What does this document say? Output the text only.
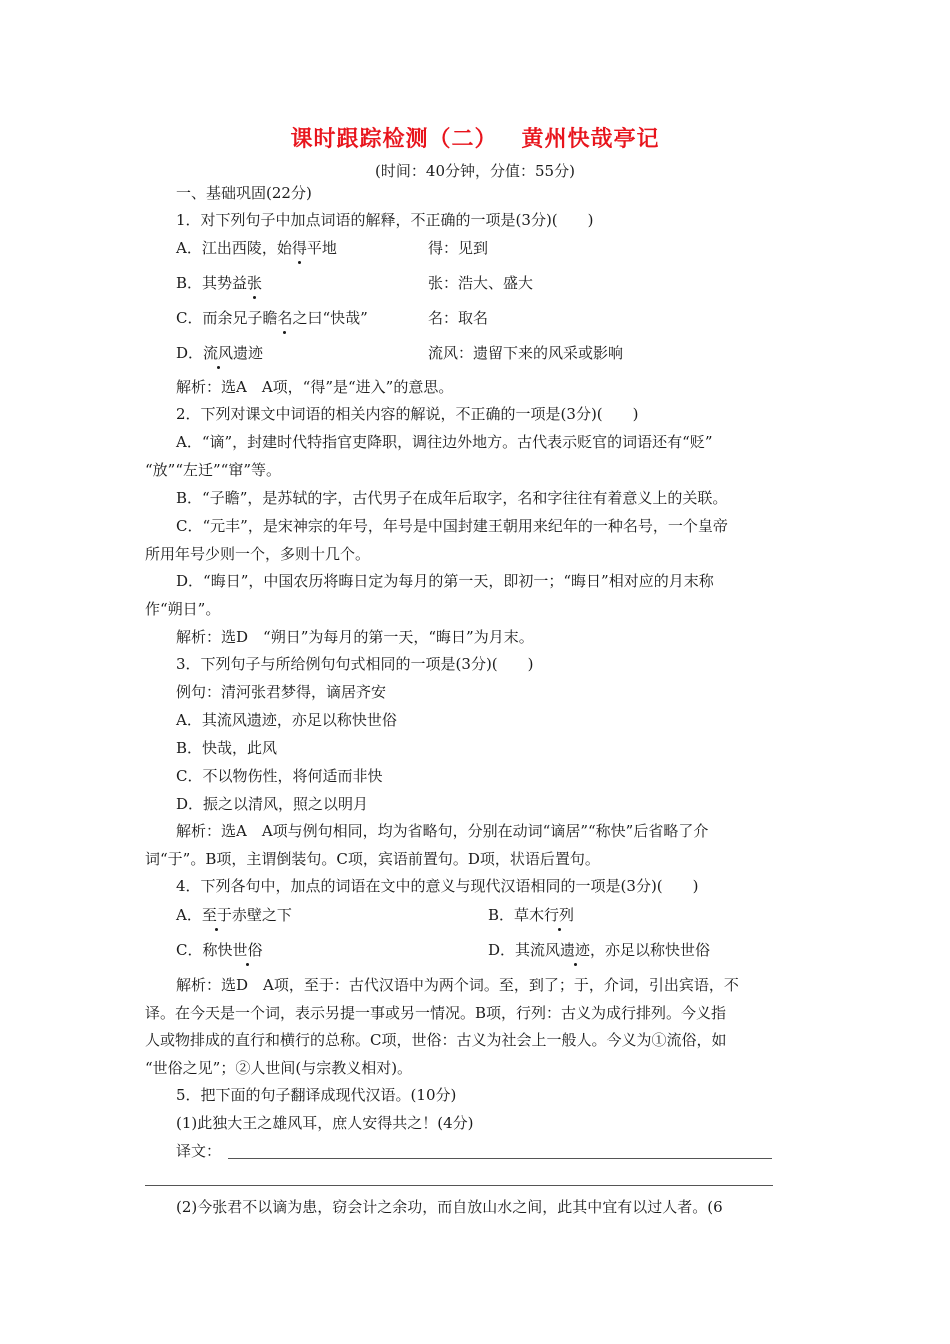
课时跟踪检测（二） 黄州快哉亭记
(时间：40分钟，分值：55分)
一、基础巩固(22分)
1．对下列句子中加点词语的解释，不正确的一项是(3分)(　　)
A．江出西陵，始得平地	得：见到
B．其势益张	张：浩大、盛大
C．而余兄子瞻名之曰“快哉”	名：取名
D．流风遗迹	流风：遗留下来的风采或影响
解析：选A　A项，“得”是“进入”的意思。
2．下列对课文中词语的相关内容的解说，不正确的一项是(3分)(　　)
A．“谪”，封建时代特指官吏降职，调往边外地方。古代表示贬官的词语还有“贬”
“放”“左迁”“窜”等。
B．“子瞻”，是苏轼的字，古代男子在成年后取字，名和字往往有着意义上的关联。
C．“元丰”，是宋神宗的年号，年号是中国封建王朝用来纪年的一种名号，一个皇帝
所用年号少则一个，多则十几个。
D．“晦日”，中国农历将晦日定为每月的第一天，即初一；“晦日”相对应的月末称
作“朔日”。
解析：选D　“朔日”为每月的第一天，“晦日”为月末。
3．下列句子与所给例句句式相同的一项是(3分)(　　)
例句：清河张君梦得，谪居齐安
A．其流风遗迹，亦足以称快世俗
B．快哉，此风
C．不以物伤性，将何适而非快
D．振之以清风，照之以明月
解析：选A　A项与例句相同，均为省略句，分别在动词“谪居”“称快”后省略了介
词“于”。B项，主谓倒装句。C项，宾语前置句。D项，状语后置句。
4．下列各句中，加点的词语在文中的意义与现代汉语相同的一项是(3分)(　　)
A．至于赤壁之下	B．草木行列
C．称快世俗	D．其流风遗迹，亦足以称快世俗
解析：选D　A项，至于：古代汉语中为两个词。至，到了；于，介词，引出宾语，不
译。在今天是一个词，表示另提一事或另一情况。B项，行列：古义为成行排列。今义指
人或物排成的直行和横行的总称。C项，世俗：古义为社会上一般人。今义为①流俗，如
“世俗之见”；②人世间(与宗教义相对)。
5．把下面的句子翻译成现代汉语。(10分)
(1)此独大王之雄风耳，庶人安得共之！(4分)
译文：
(2)今张君不以谪为患，窃会计之余功，而自放山水之间，此其中宜有以过人者。(6
